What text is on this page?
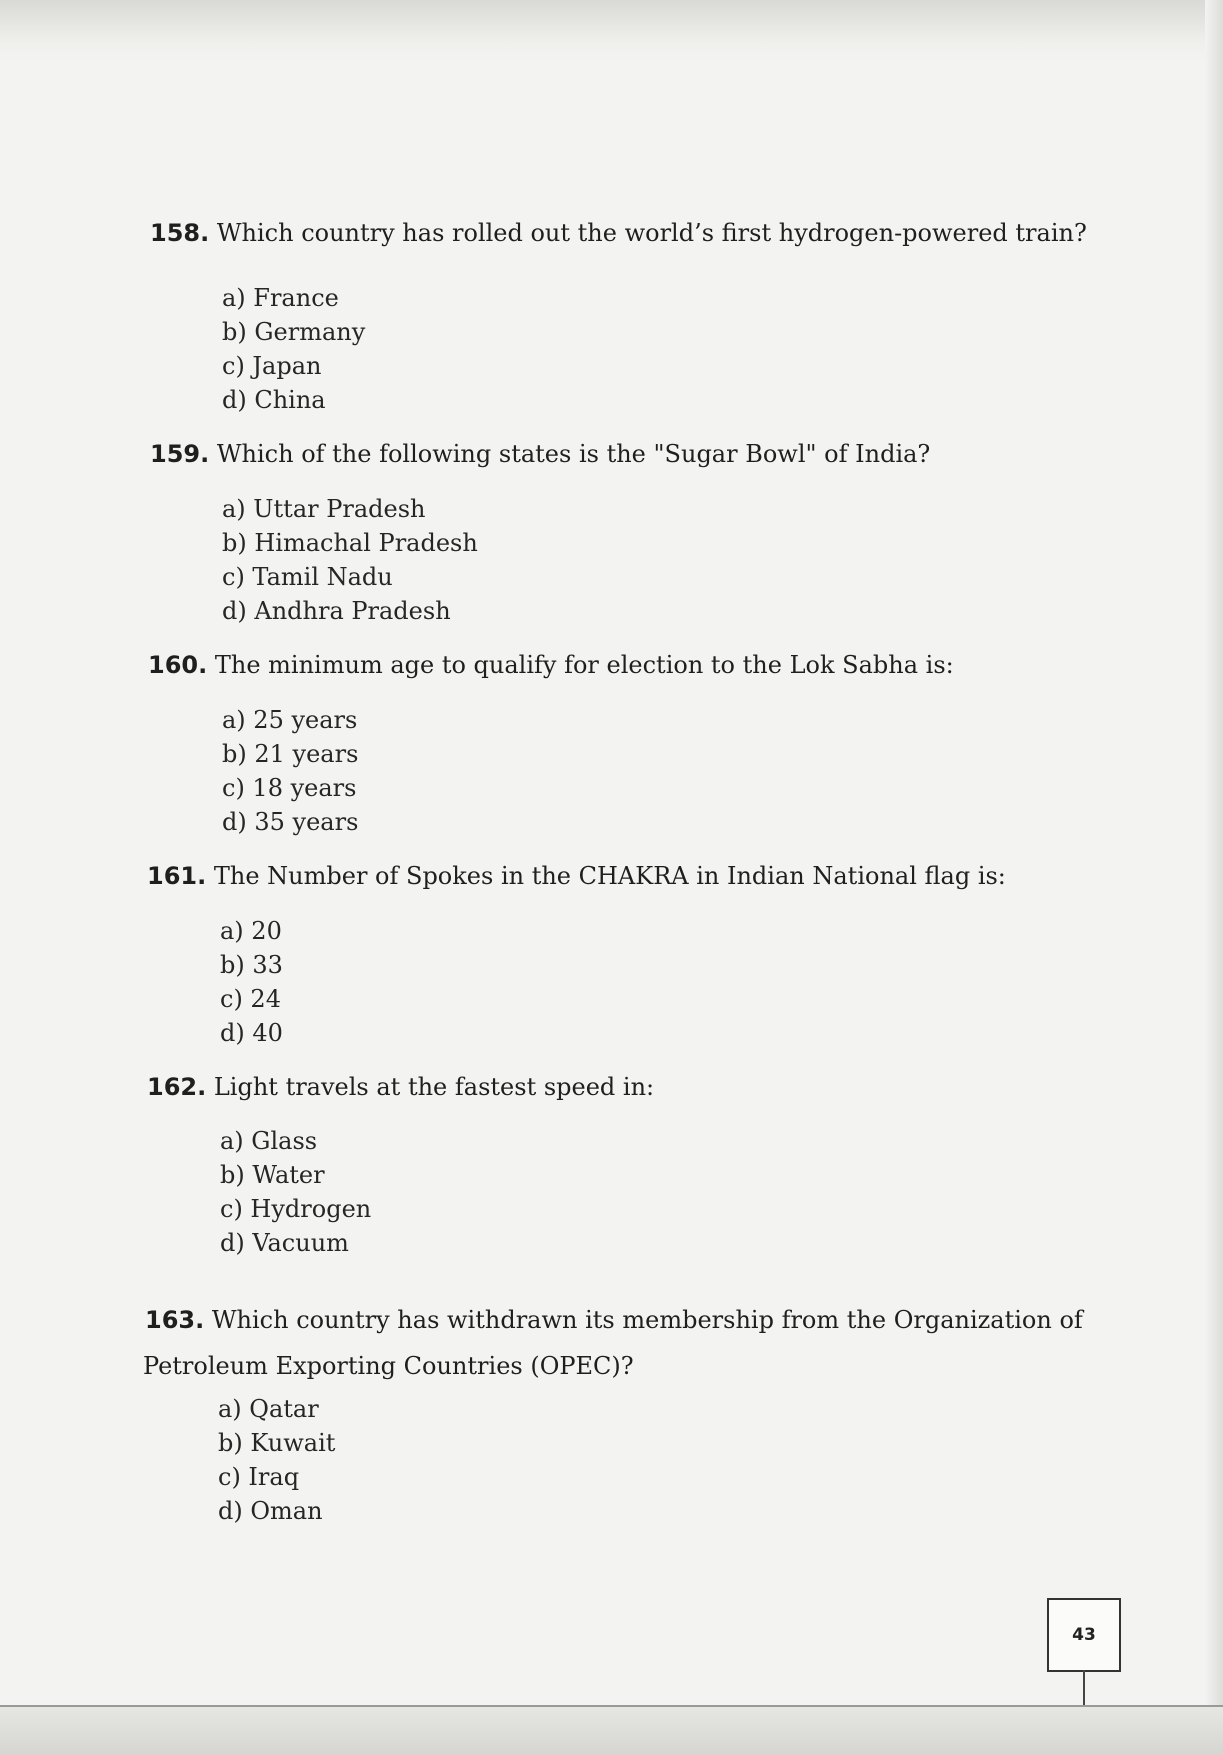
158. Which country has rolled out the world’s first hydrogen-powered train?
a) France
b) Germany
c) Japan
d) China
159. Which of the following states is the "Sugar Bowl" of India?
a) Uttar Pradesh
b) Himachal Pradesh
c) Tamil Nadu
d) Andhra Pradesh
160. The minimum age to qualify for election to the Lok Sabha is:
a) 25 years
b) 21 years
c) 18 years
d) 35 years
161. The Number of Spokes in the CHAKRA in Indian National flag is:
a) 20
b) 33
c) 24
d) 40
162. Light travels at the fastest speed in:
a) Glass
b) Water
c) Hydrogen
d) Vacuum
163. Which country has withdrawn its membership from the Organization of
Petroleum Exporting Countries (OPEC)?
a) Qatar
b) Kuwait
c) Iraq
d) Oman
43
